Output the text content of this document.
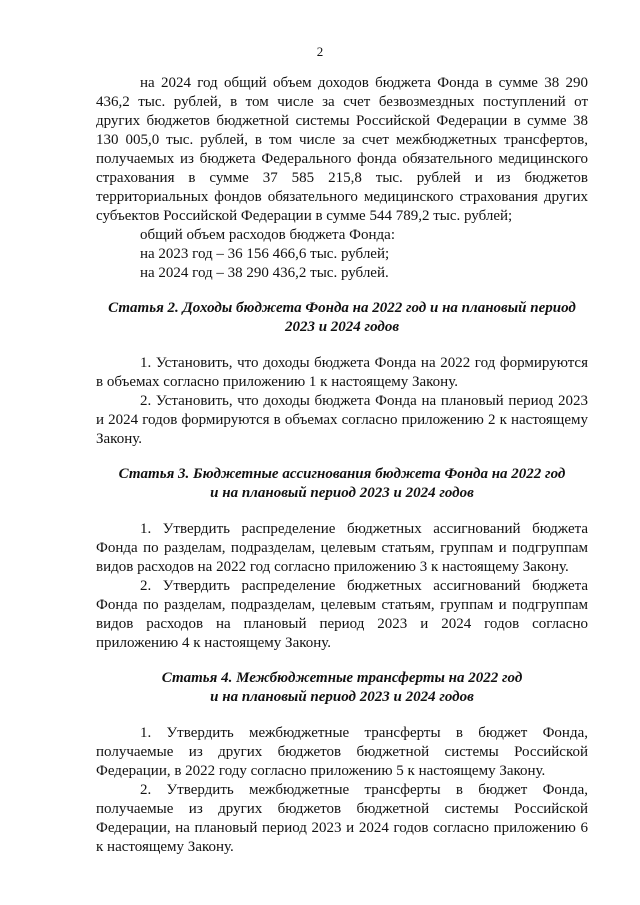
2

на 2024 год общий объем доходов бюджета Фонда в сумме 38 290 436,2 тыс. рублей, в том числе за счет безвозмездных поступлений от других бюджетов бюджетной системы Российской Федерации в сумме 38 130 005,0 тыс. рублей, в том числе за счет межбюджетных трансфертов, получаемых из бюджета Федерального фонда обязательного медицинского страхования в сумме 37 585 215,8 тыс. рублей и из бюджетов территориальных фондов обязательного медицинского страхования других субъектов Российской Федерации в сумме 544 789,2 тыс. рублей;

общий объем расходов бюджета Фонда:

на 2023 год – 36 156 466,6 тыс. рублей;

на 2024 год – 38 290 436,2 тыс. рублей.

Статья 2. Доходы бюджета Фонда на 2022 год и на плановый период
2023 и 2024 годов

1. Установить, что доходы бюджета Фонда на 2022 год формируются в объемах согласно приложению 1 к настоящему Закону.

2. Установить, что доходы бюджета Фонда на плановый период 2023 и 2024 годов формируются в объемах согласно приложению 2 к настоящему Закону.

Статья 3. Бюджетные ассигнования бюджета Фонда на 2022 год
и на плановый период 2023 и 2024 годов

1. Утвердить распределение бюджетных ассигнований бюджета Фонда по разделам, подразделам, целевым статьям, группам и подгруппам видов расходов на 2022 год согласно приложению 3 к настоящему Закону.

2. Утвердить распределение бюджетных ассигнований бюджета Фонда по разделам, подразделам, целевым статьям, группам и подгруппам видов расходов на плановый период 2023 и 2024 годов согласно приложению 4 к настоящему Закону.

Статья 4. Межбюджетные трансферты на 2022 год
и на плановый период 2023 и 2024 годов

1. Утвердить межбюджетные трансферты в бюджет Фонда, получаемые из других бюджетов бюджетной системы Российской Федерации, в 2022 году согласно приложению 5 к настоящему Закону.

2. Утвердить межбюджетные трансферты в бюджет Фонда, получаемые из других бюджетов бюджетной системы Российской Федерации, на плановый период 2023 и 2024 годов согласно приложению 6 к настоящему Закону.
